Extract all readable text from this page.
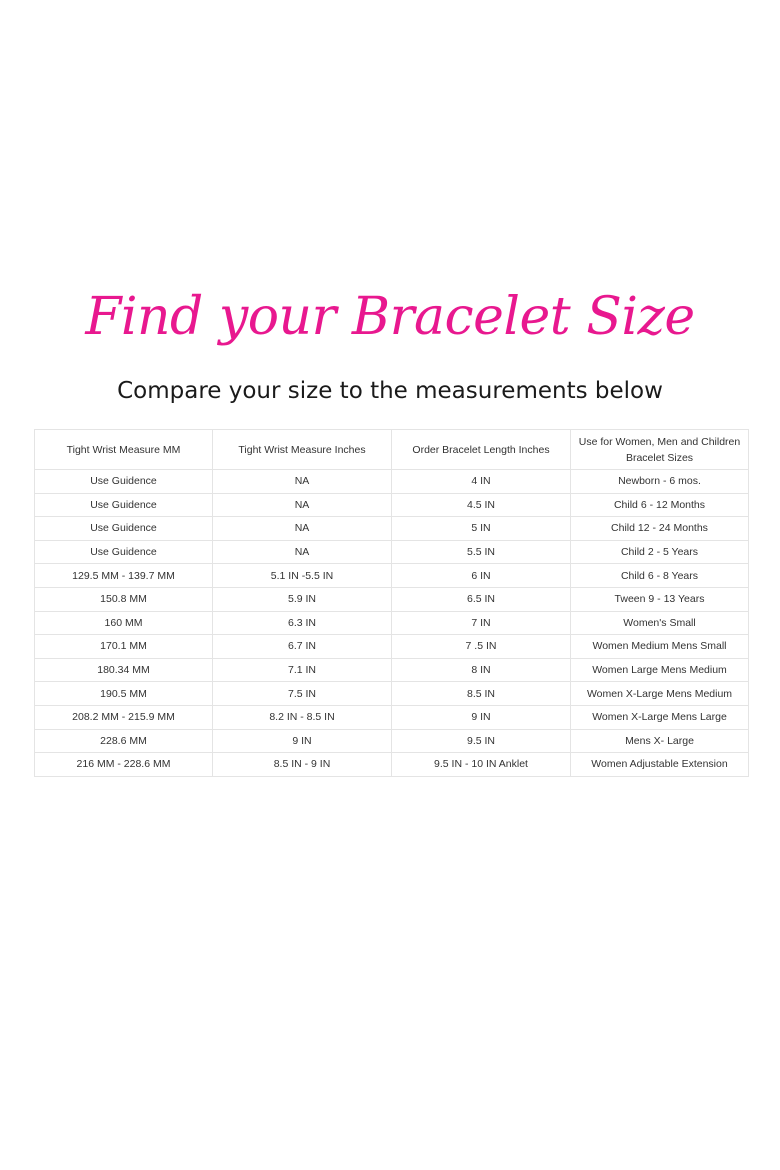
Find your Bracelet Size
Compare your size to the measurements below
Tight Wrist Measure MM	Tight Wrist Measure Inches	Order Bracelet Length Inches	Use for Women, Men and Children Bracelet Sizes
Use Guidence	NA	4 IN	Newborn - 6 mos.
Use Guidence	NA	4.5 IN	Child 6 - 12 Months
Use Guidence	NA	5 IN	Child 12 - 24 Months
Use Guidence	NA	5.5 IN	Child 2 - 5 Years
129.5 MM - 139.7 MM	5.1 IN -5.5 IN	6 IN	Child 6 - 8 Years
150.8 MM	5.9 IN	6.5 IN	Tween 9 - 13 Years
160 MM	6.3 IN	7 IN	Women's Small
170.1 MM	6.7 IN	7 .5 IN	Women Medium Mens Small
180.34 MM	7.1 IN	8 IN	Women Large Mens Medium
190.5 MM	7.5 IN	8.5 IN	Women X-Large Mens Medium
208.2 MM - 215.9 MM	8.2 IN - 8.5 IN	9 IN	Women X-Large Mens Large
228.6 MM	9 IN	9.5 IN	Mens X- Large
216 MM - 228.6 MM	8.5 IN - 9 IN	9.5 IN - 10 IN Anklet	Women Adjustable Extension
